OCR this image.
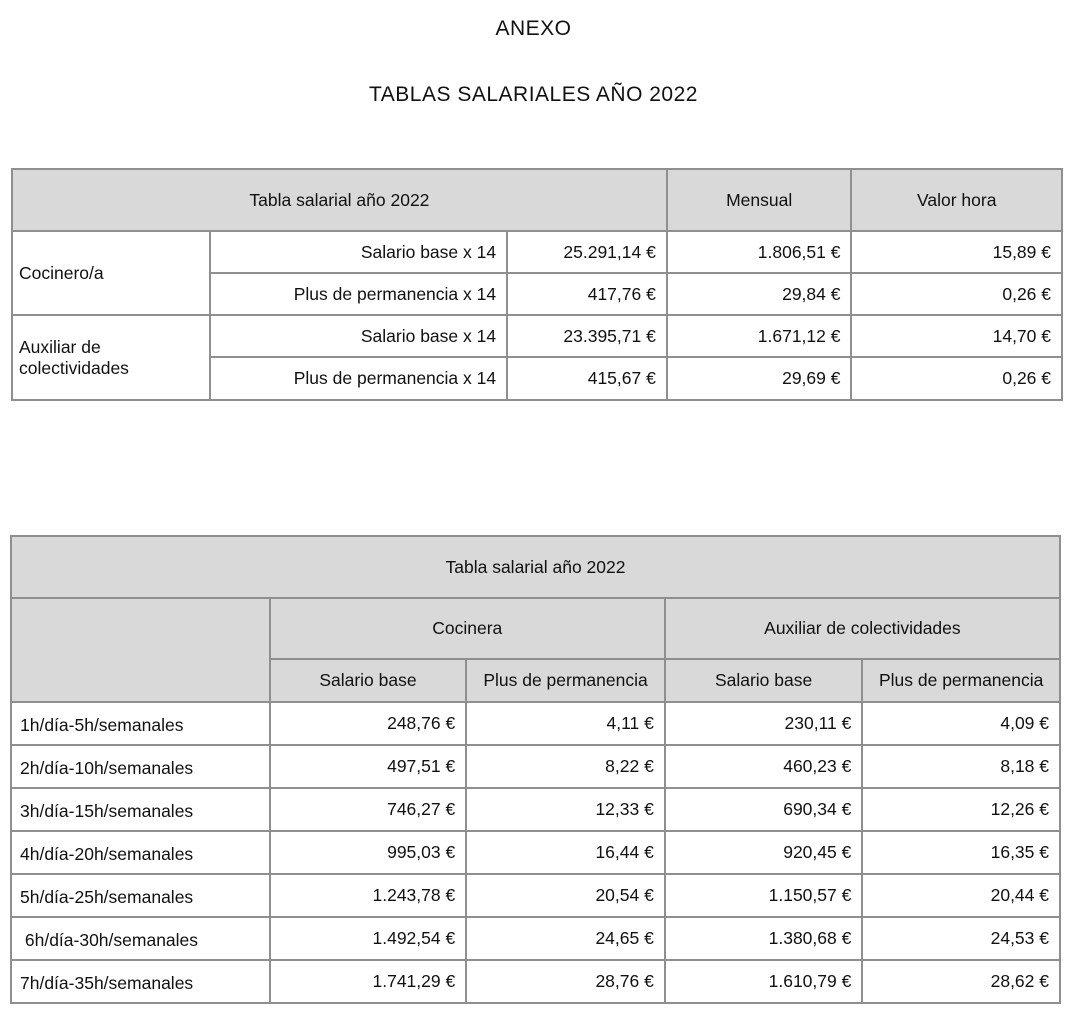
ANEXO
TABLAS SALARIALES AÑO 2022
Tabla salarial año 2022			Mensual	Valor hora
Cocinero/a	Salario base x 14	25.291,14 €	1.806,51 €	15,89 €
	Plus de permanencia x 14	417,76 €	29,84 €	0,26 €
Auxiliar de colectividades	Salario base x 14	23.395,71 €	1.671,12 €	14,70 €
	Plus de permanencia x 14	415,67 €	29,69 €	0,26 €
Tabla salarial año 2022				
	Cocinera		Auxiliar de colectividades	
	Salario base	Plus de permanencia	Salario base	Plus de permanencia
1h/día-5h/semanales	248,76 €	4,11 €	230,11 €	4,09 €
2h/día-10h/semanales	497,51 €	8,22 €	460,23 €	8,18 €
3h/día-15h/semanales	746,27 €	12,33 €	690,34 €	12,26 €
4h/día-20h/semanales	995,03 €	16,44 €	920,45 €	16,35 €
5h/día-25h/semanales	1.243,78 €	20,54 €	1.150,57 €	20,44 €
6h/día-30h/semanales	1.492,54 €	24,65 €	1.380,68 €	24,53 €
7h/día-35h/semanales	1.741,29 €	28,76 €	1.610,79 €	28,62 €
